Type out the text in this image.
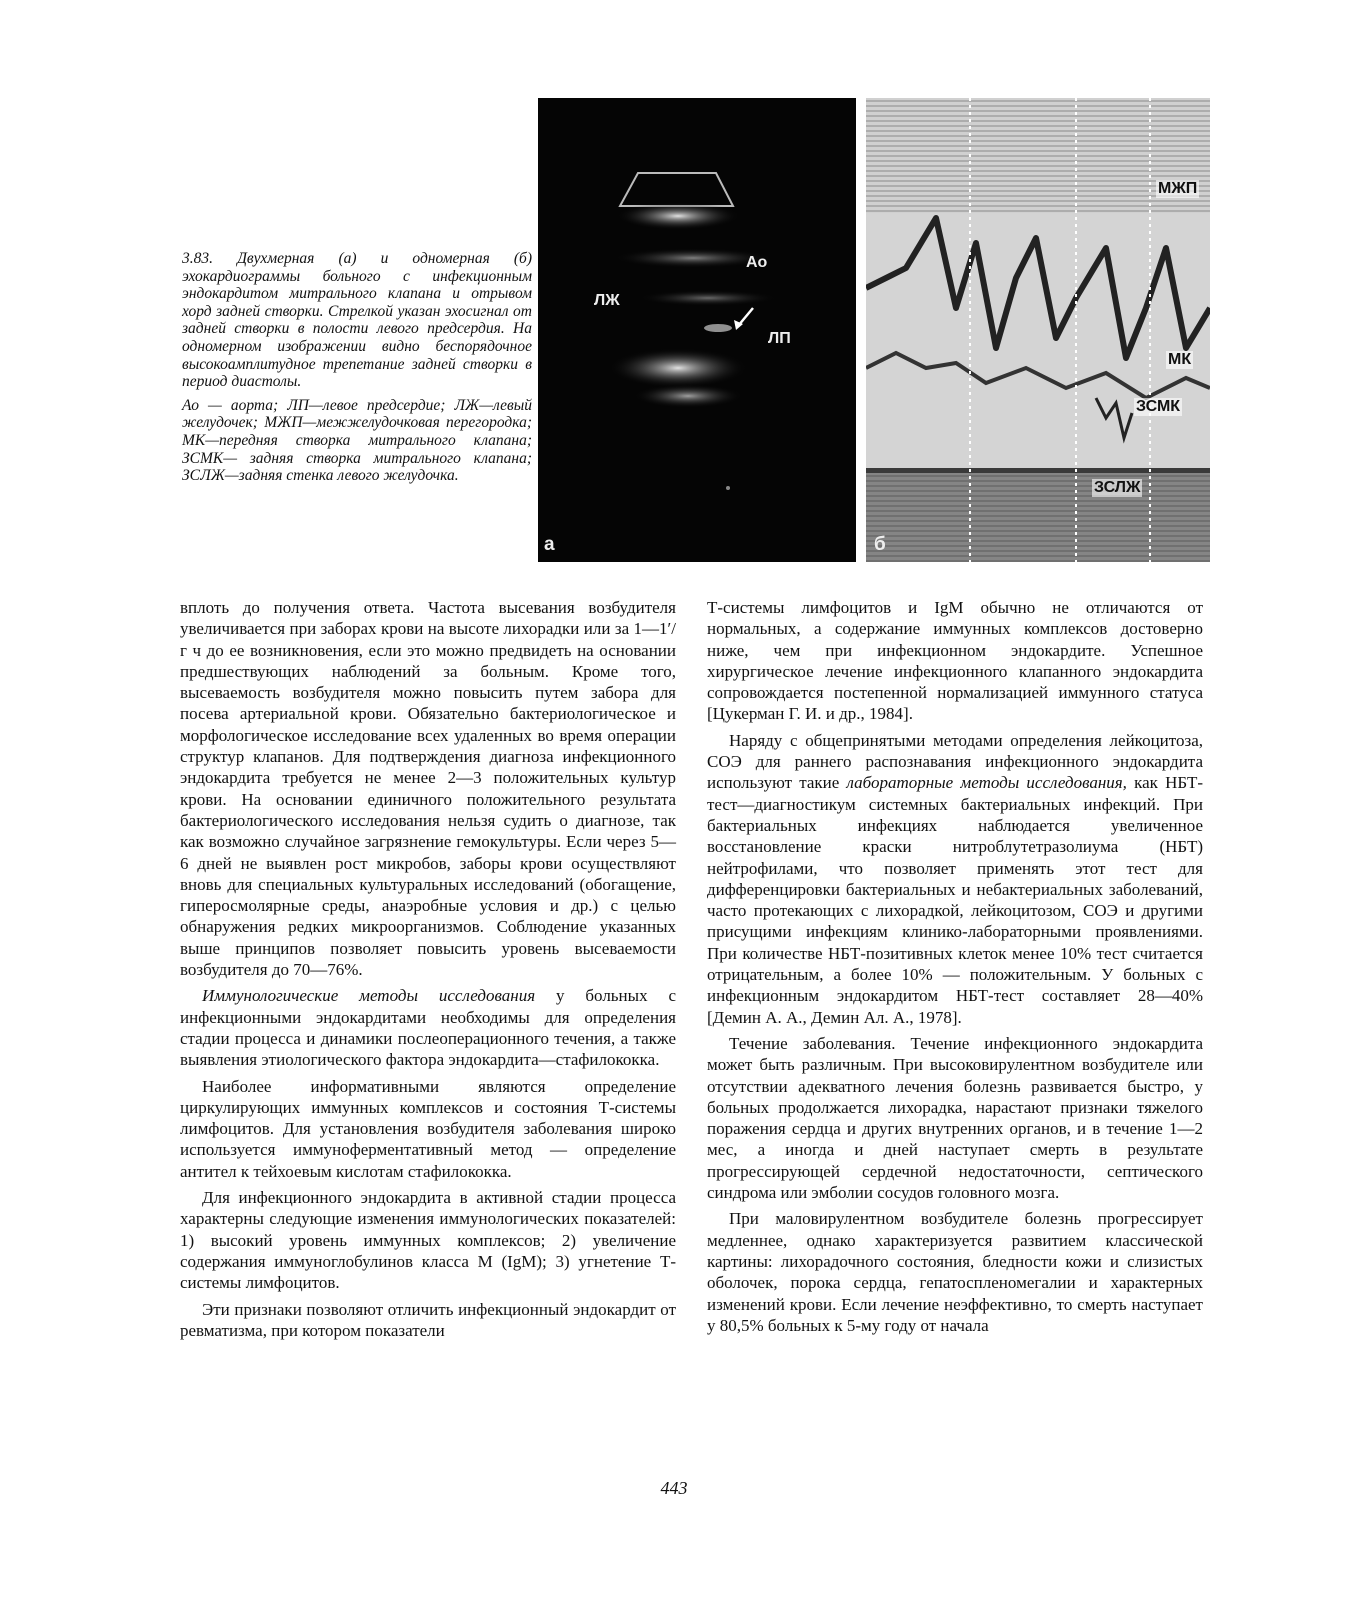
3.83. Двухмерная (а) и одномерная (б) эхокардиограммы больного с инфекционным эндокардитом митрального клапана и отрывом хорд задней створки. Стрелкой указан эхосигнал от задней створки в полости левого предсердия. На одномерном изображении видно беспорядочное высокоамплитудное трепетание задней створки в период диастолы.

Ао — аорта; ЛП—левое предсердие; ЛЖ—левый желудочек; МЖП—межжелудочковая перегородка; МК—передняя створка митрального клапана; ЗСМК— задняя створка митрального клапана; ЗСЛЖ—задняя стенка левого желудочка.

Ао
ЛЖ
ЛП
а
МЖП
МК
ЗСМК
ЗСЛЖ
б

вплоть до получения ответа. Частота высевания возбудителя увеличивается при заборах крови на высоте лихорадки или за 1—1′/г ч до ее возникновения, если это можно предвидеть на основании предшествующих наблюдений за больным. Кроме того, высеваемость возбудителя можно повысить путем забора для посева артериальной крови. Обязательно бактериологическое и морфологическое исследование всех удаленных во время операции структур клапанов. Для подтверждения диагноза инфекционного эндокардита требуется не менее 2—3 положительных культур крови. На основании единичного положительного результата бактериологического исследования нельзя судить о диагнозе, так как возможно случайное загрязнение гемокультуры. Если через 5—6 дней не выявлен рост микробов, заборы крови осуществляют вновь для специальных культуральных исследований (обогащение, гиперосмолярные среды, анаэробные условия и др.) с целью обнаружения редких микроорганизмов. Соблюдение указанных выше принципов позволяет повысить уровень высеваемости возбудителя до 70—76%.

Иммунологические методы исследования у больных с инфекционными эндокардитами необходимы для определения стадии процесса и динамики послеоперационного течения, а также выявления этиологического фактора эндокардита—стафилококка.

Наиболее информативными являются определение циркулирующих иммунных комплексов и состояния Т-системы лимфоцитов. Для установления возбудителя заболевания широко используется иммуноферментативный метод — определение антител к тейхоевым кислотам стафилококка.

Для инфекционного эндокардита в активной стадии процесса характерны следующие изменения иммунологических показателей: 1) высокий уровень иммунных комплексов; 2) увеличение содержания иммуноглобулинов класса М (IgM); 3) угнетение Т-системы лимфоцитов.

Эти признаки позволяют отличить инфекционный эндокардит от ревматизма, при котором показатели

Т-системы лимфоцитов и IgM обычно не отличаются от нормальных, а содержание иммунных комплексов достоверно ниже, чем при инфекционном эндокардите. Успешное хирургическое лечение инфекционного клапанного эндокардита сопровождается постепенной нормализацией иммунного статуса [Цукерман Г. И. и др., 1984].

Наряду с общепринятыми методами определения лейкоцитоза, СОЭ для раннего распознавания инфекционного эндокардита используют такие лабораторные методы исследования, как НБТ-тест—диагностикум системных бактериальных инфекций. При бактериальных инфекциях наблюдается увеличенное восстановление краски нитроблутетразолиума (НБТ) нейтрофилами, что позволяет применять этот тест для дифференцировки бактериальных и небактериальных заболеваний, часто протекающих с лихорадкой, лейкоцитозом, СОЭ и другими присущими инфекциям клинико-лабораторными проявлениями. При количестве НБТ-позитивных клеток менее 10% тест считается отрицательным, а более 10% — положительным. У больных с инфекционным эндокардитом НБТ-тест составляет 28—40% [Демин А. А., Демин Ал. А., 1978].

Течение заболевания. Течение инфекционного эндокардита может быть различным. При высоковирулентном возбудителе или отсутствии адекватного лечения болезнь развивается быстро, у больных продолжается лихорадка, нарастают признаки тяжелого поражения сердца и других внутренних органов, и в течение 1—2 мес, а иногда и дней наступает смерть в результате прогрессирующей сердечной недостаточности, септического синдрома или эмболии сосудов головного мозга.

При маловирулентном возбудителе болезнь прогрессирует медленнее, однако характеризуется развитием классической картины: лихорадочного состояния, бледности кожи и слизистых оболочек, порока сердца, гепатоспленомегалии и характерных изменений крови. Если лечение неэффективно, то смерть наступает у 80,5% больных к 5-му году от начала

443
